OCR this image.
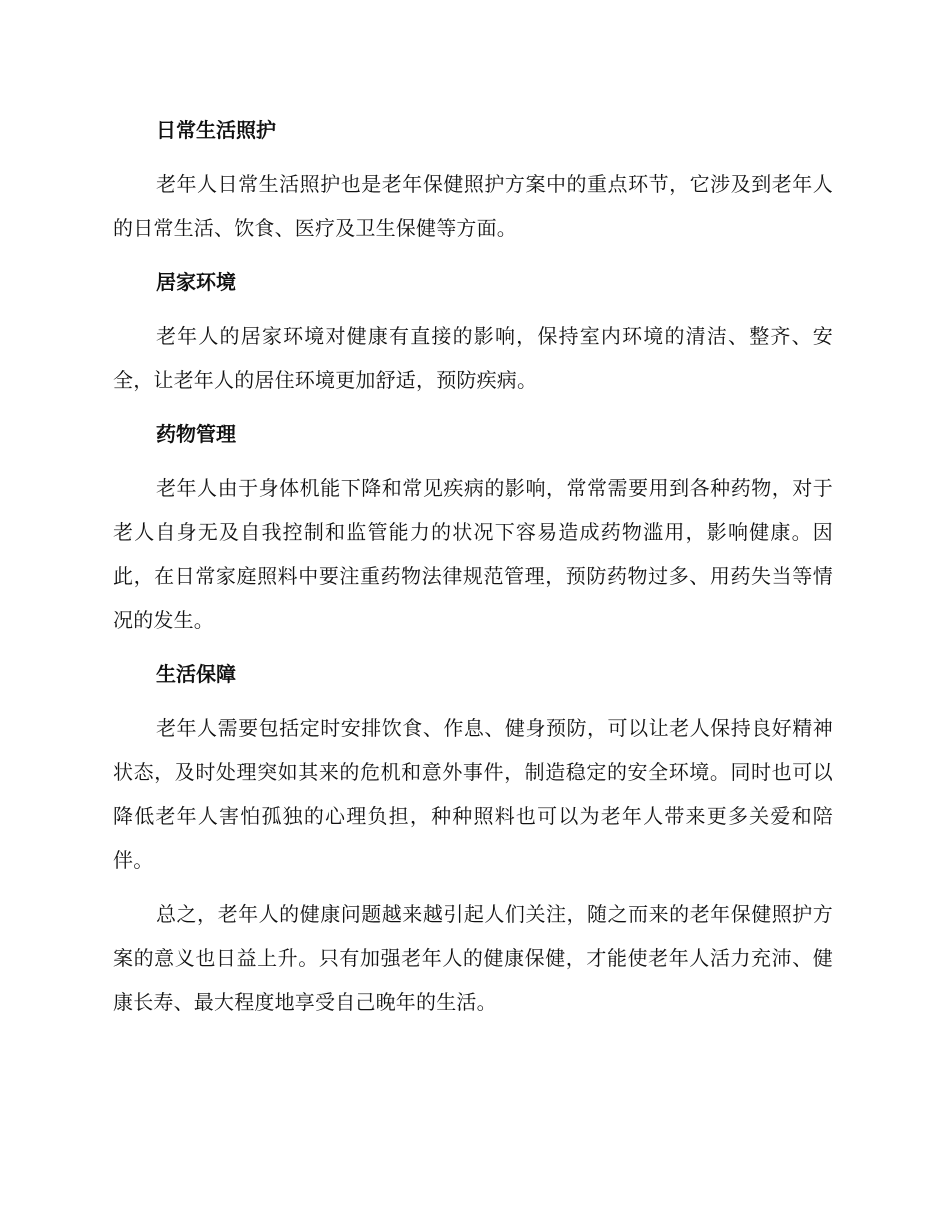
日常生活照护

老年人日常生活照护也是老年保健照护方案中的重点环节，它涉及到老年人的日常生活、饮食、医疗及卫生保健等方面。

居家环境

老年人的居家环境对健康有直接的影响，保持室内环境的清洁、整齐、安全，让老年人的居住环境更加舒适，预防疾病。

药物管理

老年人由于身体机能下降和常见疾病的影响，常常需要用到各种药物，对于老人自身无及自我控制和监管能力的状况下容易造成药物滥用，影响健康。因此，在日常家庭照料中要注重药物法律规范管理，预防药物过多、用药失当等情况的发生。

生活保障

老年人需要包括定时安排饮食、作息、健身预防，可以让老人保持良好精神状态，及时处理突如其来的危机和意外事件，制造稳定的安全环境。同时也可以降低老年人害怕孤独的心理负担，种种照料也可以为老年人带来更多关爱和陪伴。

总之，老年人的健康问题越来越引起人们关注，随之而来的老年保健照护方案的意义也日益上升。只有加强老年人的健康保健，才能使老年人活力充沛、健康长寿、最大程度地享受自己晚年的生活。
